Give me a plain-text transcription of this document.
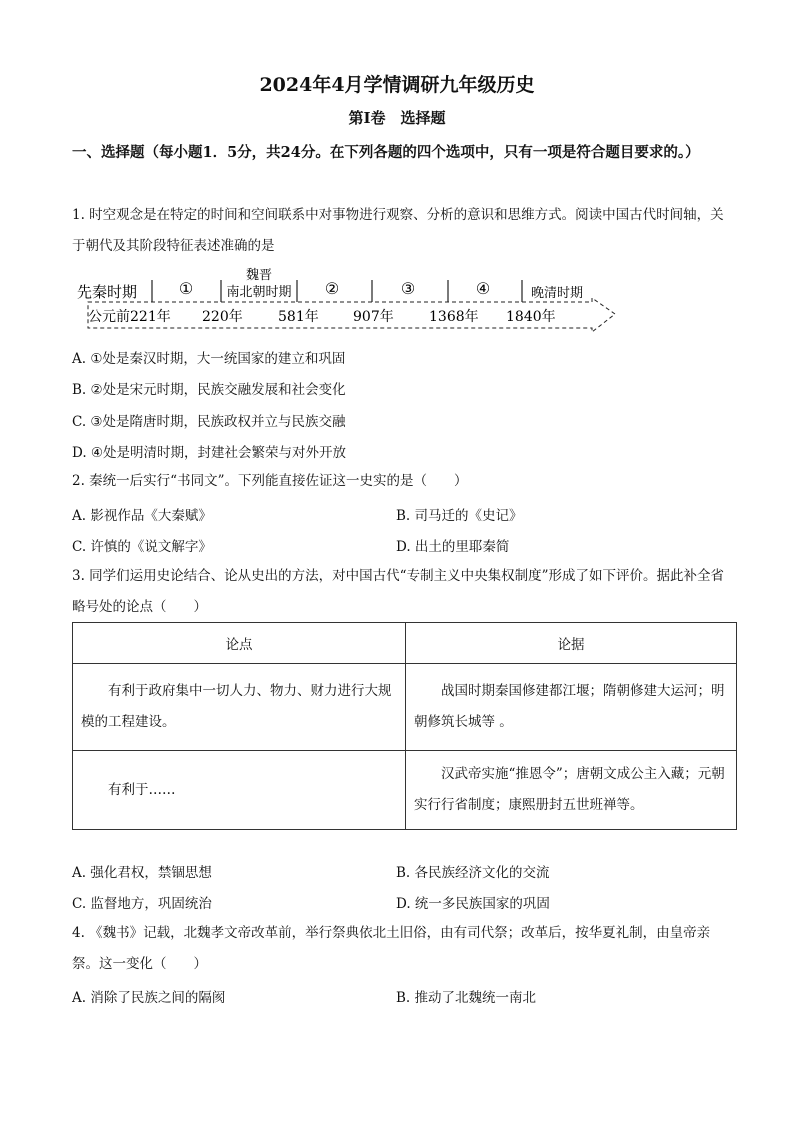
2024年4月学情调研九年级历史
第Ⅰ卷　选择题
一、选择题（每小题1．5分，共24分。在下列各题的四个选项中，只有一项是符合题目要求的。）
1. 时空观念是在特定的时间和空间联系中对事物进行观察、分析的意识和思维方式。阅读中国古代时间轴，关于朝代及其阶段特征表述准确的是
先秦时期	①
魏晋
南北朝时期 ②	③	④	晚清时期
公元前221年 220年	581年 907年	1368年 1840年
A. ①处是秦汉时期，大一统国家的建立和巩固
B. ②处是宋元时期，民族交融发展和社会变化
C. ③处是隋唐时期，民族政权并立与民族交融
D. ④处是明清时期，封建社会繁荣与对外开放
2. 秦统一后实行“书同文”。下列能直接佐证这一史实的是（　　）
A. 影视作品《大秦赋》	B. 司马迁的《史记》
C. 许慎的《说文解字》	D. 出土的里耶秦简
3. 同学们运用史论结合、论从史出的方法，对中国古代“专制主义中央集权制度”形成了如下评价。据此补全省略号处的论点（　　）
论点	论据
有利于政府集中一切人力、物力、财力进行大规模的工程建设。	战国时期秦国修建都江堰；隋朝修建大运河；明朝修筑长城等 。
有利于……	汉武帝实施“推恩令”；唐朝文成公主入藏；元朝实行行省制度；康熙册封五世班禅等。
A. 强化君权，禁锢思想	B. 各民族经济文化的交流
C. 监督地方，巩固统治	D. 统一多民族国家的巩固
4. 《魏书》记载，北魏孝文帝改革前，举行祭典依北土旧俗，由有司代祭；改革后，按华夏礼制，由皇帝亲祭。这一变化（　　）
A. 消除了民族之间的隔阂	B. 推动了北魏统一南北
